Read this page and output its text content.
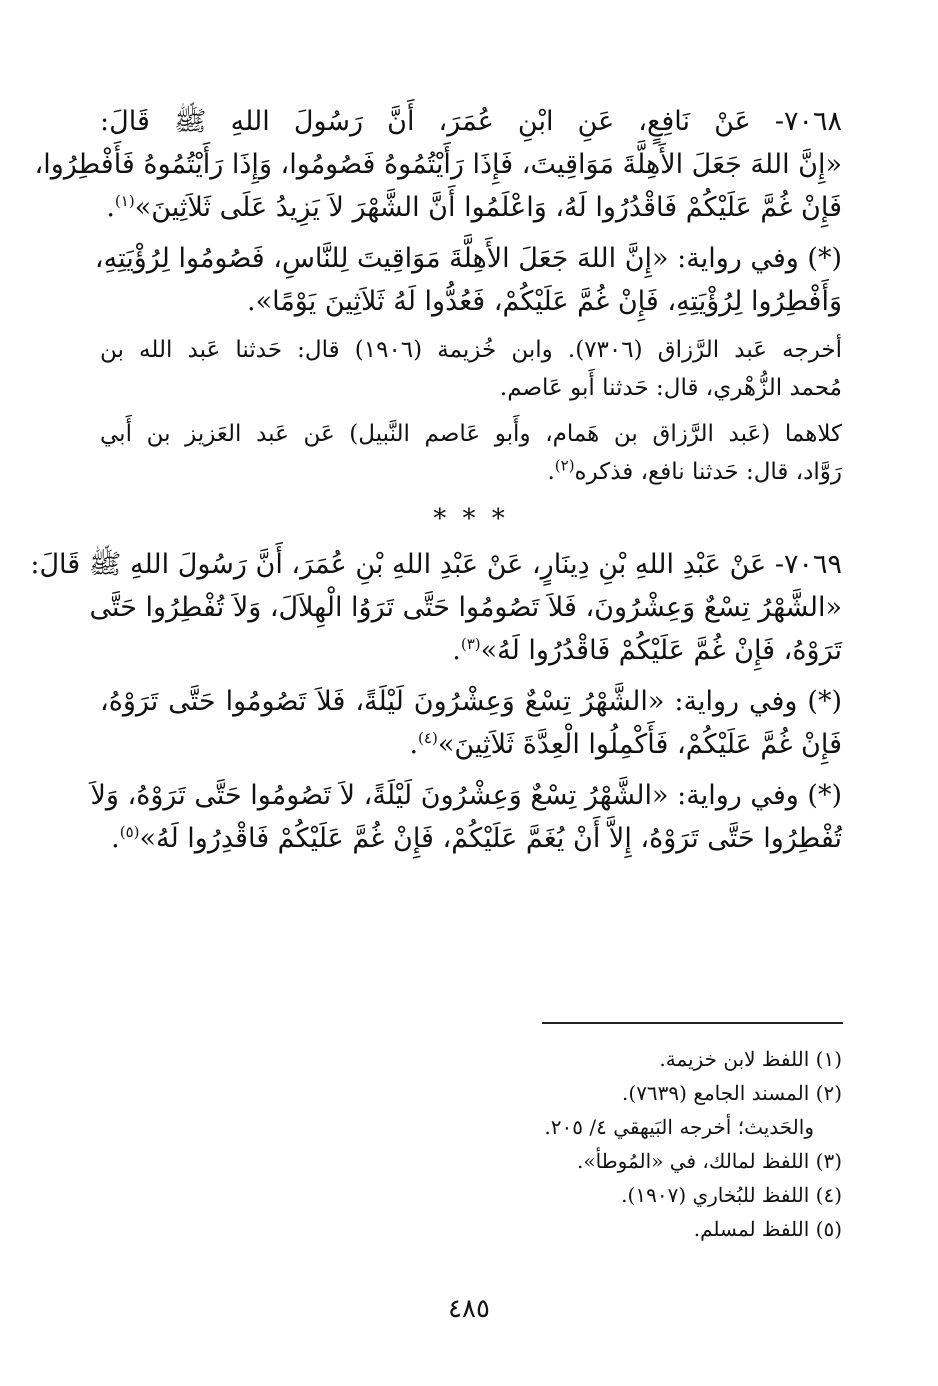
٧٠٦٨- عَنْ نَافِعٍ، عَنِ ابْنِ عُمَرَ، أَنَّ رَسُولَ اللهِ ﷺ قَالَ:
«إِنَّ اللهَ جَعَلَ الأَهِلَّةَ مَوَاقِيتَ، فَإِذَا رَأَيْتُمُوهُ فَصُومُوا، وَإِذَا رَأَيْتُمُوهُ فَأَفْطِرُوا،
فَإِنْ غُمَّ عَلَيْكُمْ فَاقْدُرُوا لَهُ، وَاعْلَمُوا أَنَّ الشَّهْرَ لاَ يَزِيدُ عَلَى ثَلاَثِينَ»$^{(١)}$.
(*) وفي رواية: «إِنَّ اللهَ جَعَلَ الأَهِلَّةَ مَوَاقِيتَ لِلنَّاسِ، فَصُومُوا لِرُؤْيَتِهِ،
وَأَفْطِرُوا لِرُؤْيَتِهِ، فَإِنْ غُمَّ عَلَيْكُمْ، فَعُدُّوا لَهُ ثَلاَثِينَ يَوْمًا».
أخرجه عَبد الرَّزاق (٧٣٠٦). وابن خُزيمة (١٩٠٦) قال: حَدثنا عَبد الله بن
مُحمد الزُّهْري، قال: حَدثنا أَبو عَاصم.
كلاهما (عَبد الرَّزاق بن هَمام، وأَبو عَاصم النَّبيل) عَن عَبد العَزيز بن أَبي
رَوَّاد، قال: حَدثنا نافع، فذكره$^{(٢)}$.
* * *
٧٠٦٩- عَنْ عَبْدِ اللهِ بْنِ دِينَارٍ، عَنْ عَبْدِ اللهِ بْنِ عُمَرَ، أَنَّ رَسُولَ اللهِ ﷺ قَالَ:
«الشَّهْرُ تِسْعٌ وَعِشْرُونَ، فَلاَ تَصُومُوا حَتَّى تَرَوُا الْهِلاَلَ، وَلاَ تُفْطِرُوا حَتَّى
تَرَوْهُ، فَإِنْ غُمَّ عَلَيْكُمْ فَاقْدُرُوا لَهُ»$^{(٣)}$.
(*) وفي رواية: «الشَّهْرُ تِسْعٌ وَعِشْرُونَ لَيْلَةً، فَلاَ تَصُومُوا حَتَّى تَرَوْهُ،
فَإِنْ غُمَّ عَلَيْكُمْ، فَأَكْمِلُوا الْعِدَّةَ ثَلاَثِينَ»$^{(٤)}$.
(*) وفي رواية: «الشَّهْرُ تِسْعٌ وَعِشْرُونَ لَيْلَةً، لاَ تَصُومُوا حَتَّى تَرَوْهُ، وَلاَ
تُفْطِرُوا حَتَّى تَرَوْهُ، إِلاَّ أَنْ يُغَمَّ عَلَيْكُمْ، فَإِنْ غُمَّ عَلَيْكُمْ فَاقْدِرُوا لَهُ»$^{(٥)}$.
(١) اللفظ لابن خزيمة.
(٢) المسند الجامع (٧٦٣٩).
والحَديث؛ أخرجه البَيهقي ٤/ ٢٠٥.
(٣) اللفظ لمالك، في «المُوطأ».
(٤) اللفظ للبُخاري (١٩٠٧).
(٥) اللفظ لمسلم.
٤٨٥
